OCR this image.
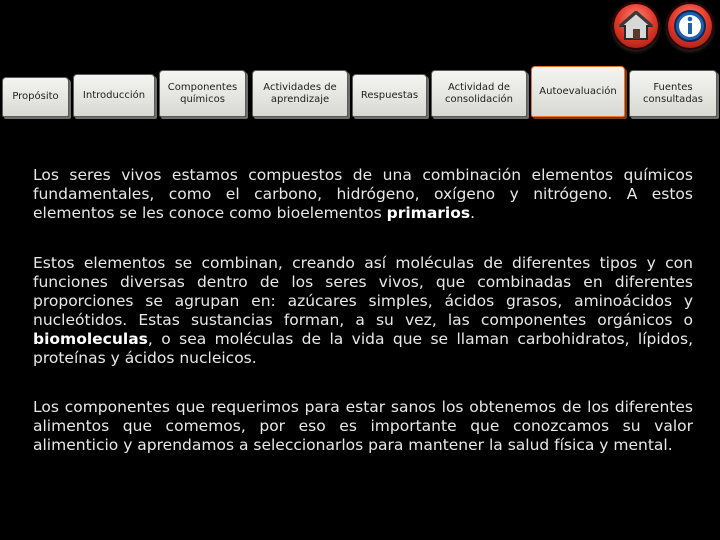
Propósito Introducción
Componentes químicos
Actividades de aprendizaje	Respuestas
Actividad de consolidación
Autoevaluación	Fuentes consultadas

Los seres vivos estamos compuestos de una combinación elementos químicos fundamentales, como el carbono, hidrógeno, oxígeno y nitrógeno. A estos elementos se les conoce como bioelementos primarios.

Estos elementos se combinan, creando así moléculas de diferentes tipos y con funciones diversas dentro de los seres vivos, que combinadas en diferentes proporciones se agrupan en: azúcares simples, ácidos grasos, aminoácidos y nucleótidos. Estas sustancias forman, a su vez, las componentes orgánicos o biomoleculas, o sea moléculas de la vida que se llaman carbohidratos, lípidos, proteínas y ácidos nucleicos.

Los componentes que requerimos para estar sanos los obtenemos de los diferentes alimentos que comemos, por eso es importante que conozcamos su valor alimenticio y aprendamos a seleccionarlos para mantener la salud física y mental.
